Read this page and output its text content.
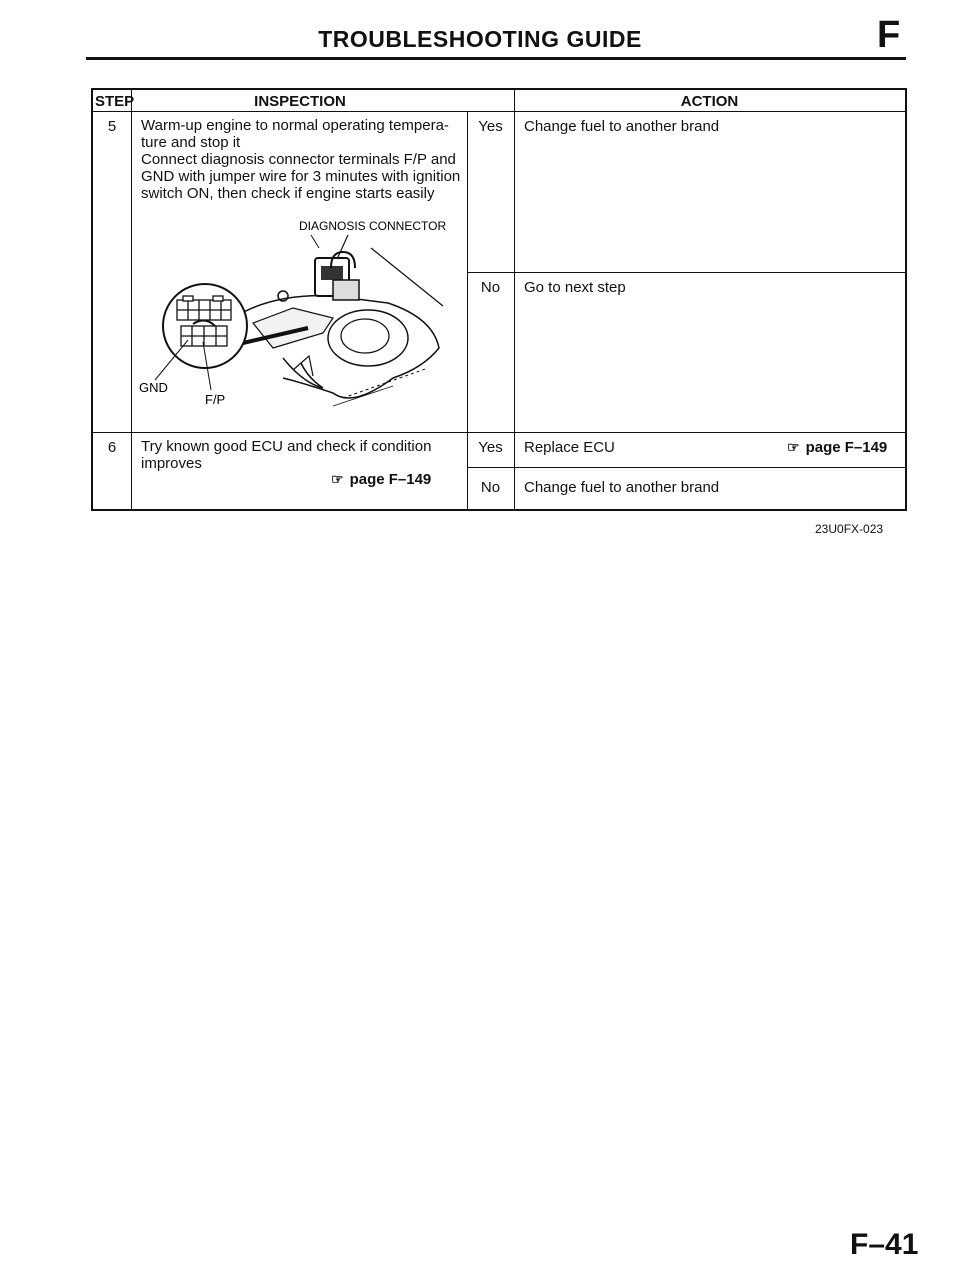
TROUBLESHOOTING GUIDE	F
STEP	INSPECTION	ACTION
5	Warm-up engine to normal operating tempera-
ture and stop it
Connect diagnosis connector terminals F/P and
GND with jumper wire for 3 minutes with ignition
switch ON, then check if engine starts easily
DIAGNOSIS CONNECTOR
GND
F/P
Yes	Change fuel to another brand
No	Go to next step
6	Try known good ECU and check if condition
improves
☞ page F–149
Yes	Replace ECU	☞ page F–149
No	Change fuel to another brand
23U0FX-023
F–41
